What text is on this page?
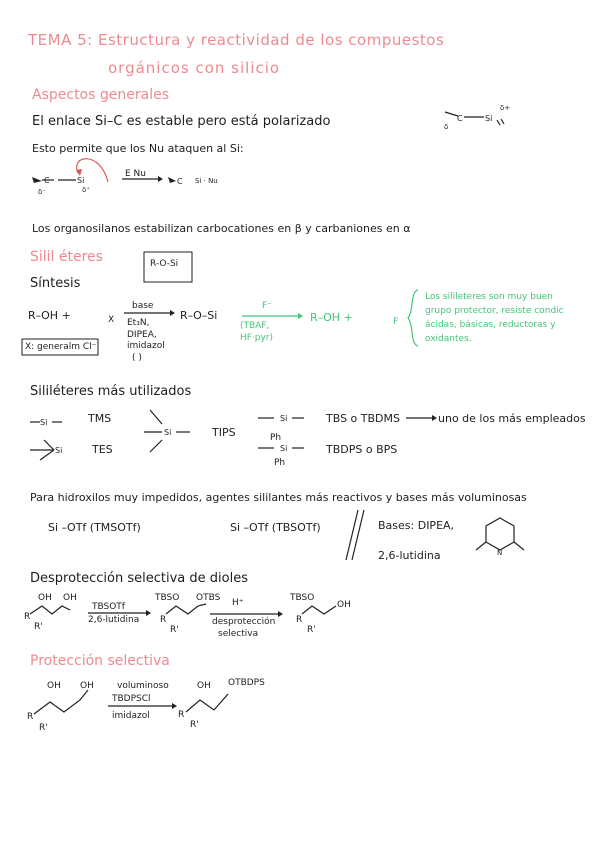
TEMA 5: Estructura y reactividad de los compuestos
orgánicos con silicio
Aspectos generales
El enlace Si–C es estable pero está polarizado
Esto permite que los Nu ataquen al Si:
E Nu
Los organosilanos estabilizan carbocationes en β y carbaniones en α
Silil éteres	R-O-Si
Síntesis
R–OH +	X
base
Et₃N,
DIPEA,
imidazol
( )
R–O–Si
X: generalm Cl⁻
F⁻
(TBAF,
HF·pyr)
R–OH +	F
Los silileteres son muy buen
grupo protector, resiste condic
ácidas, básicas, reductoras y
oxidantes.
Sililéteres más utilizados
TMS
TES
TIPS
TBS o TBDMS	uno de los más empleados
TBDPS o BPS
Ph
Ph
Para hidroxilos muy impedidos, agentes sililantes más reactivos y bases más voluminosas
Si –OTf (TMSOTf)	Si –OTf (TBSOTf)	Bases: DIPEA,
2,6-lutidina
Desprotección selectiva de dioles
OH OH
R
R'
TBSOTf
2,6-lutidina
TBSO OTBS
R
R'
H⁺
desprotección
selectiva
TBSO
OH
R
R'
Protección selectiva
OH OH
R
R'
voluminoso
TBDPSCl
imidazol
OH OTBDPS
R
R'
C	Si
δ+
δ
C	Si
δ⁻	δ⁺
C Si · Nu
Si
Si
Si
Si
Si
N
